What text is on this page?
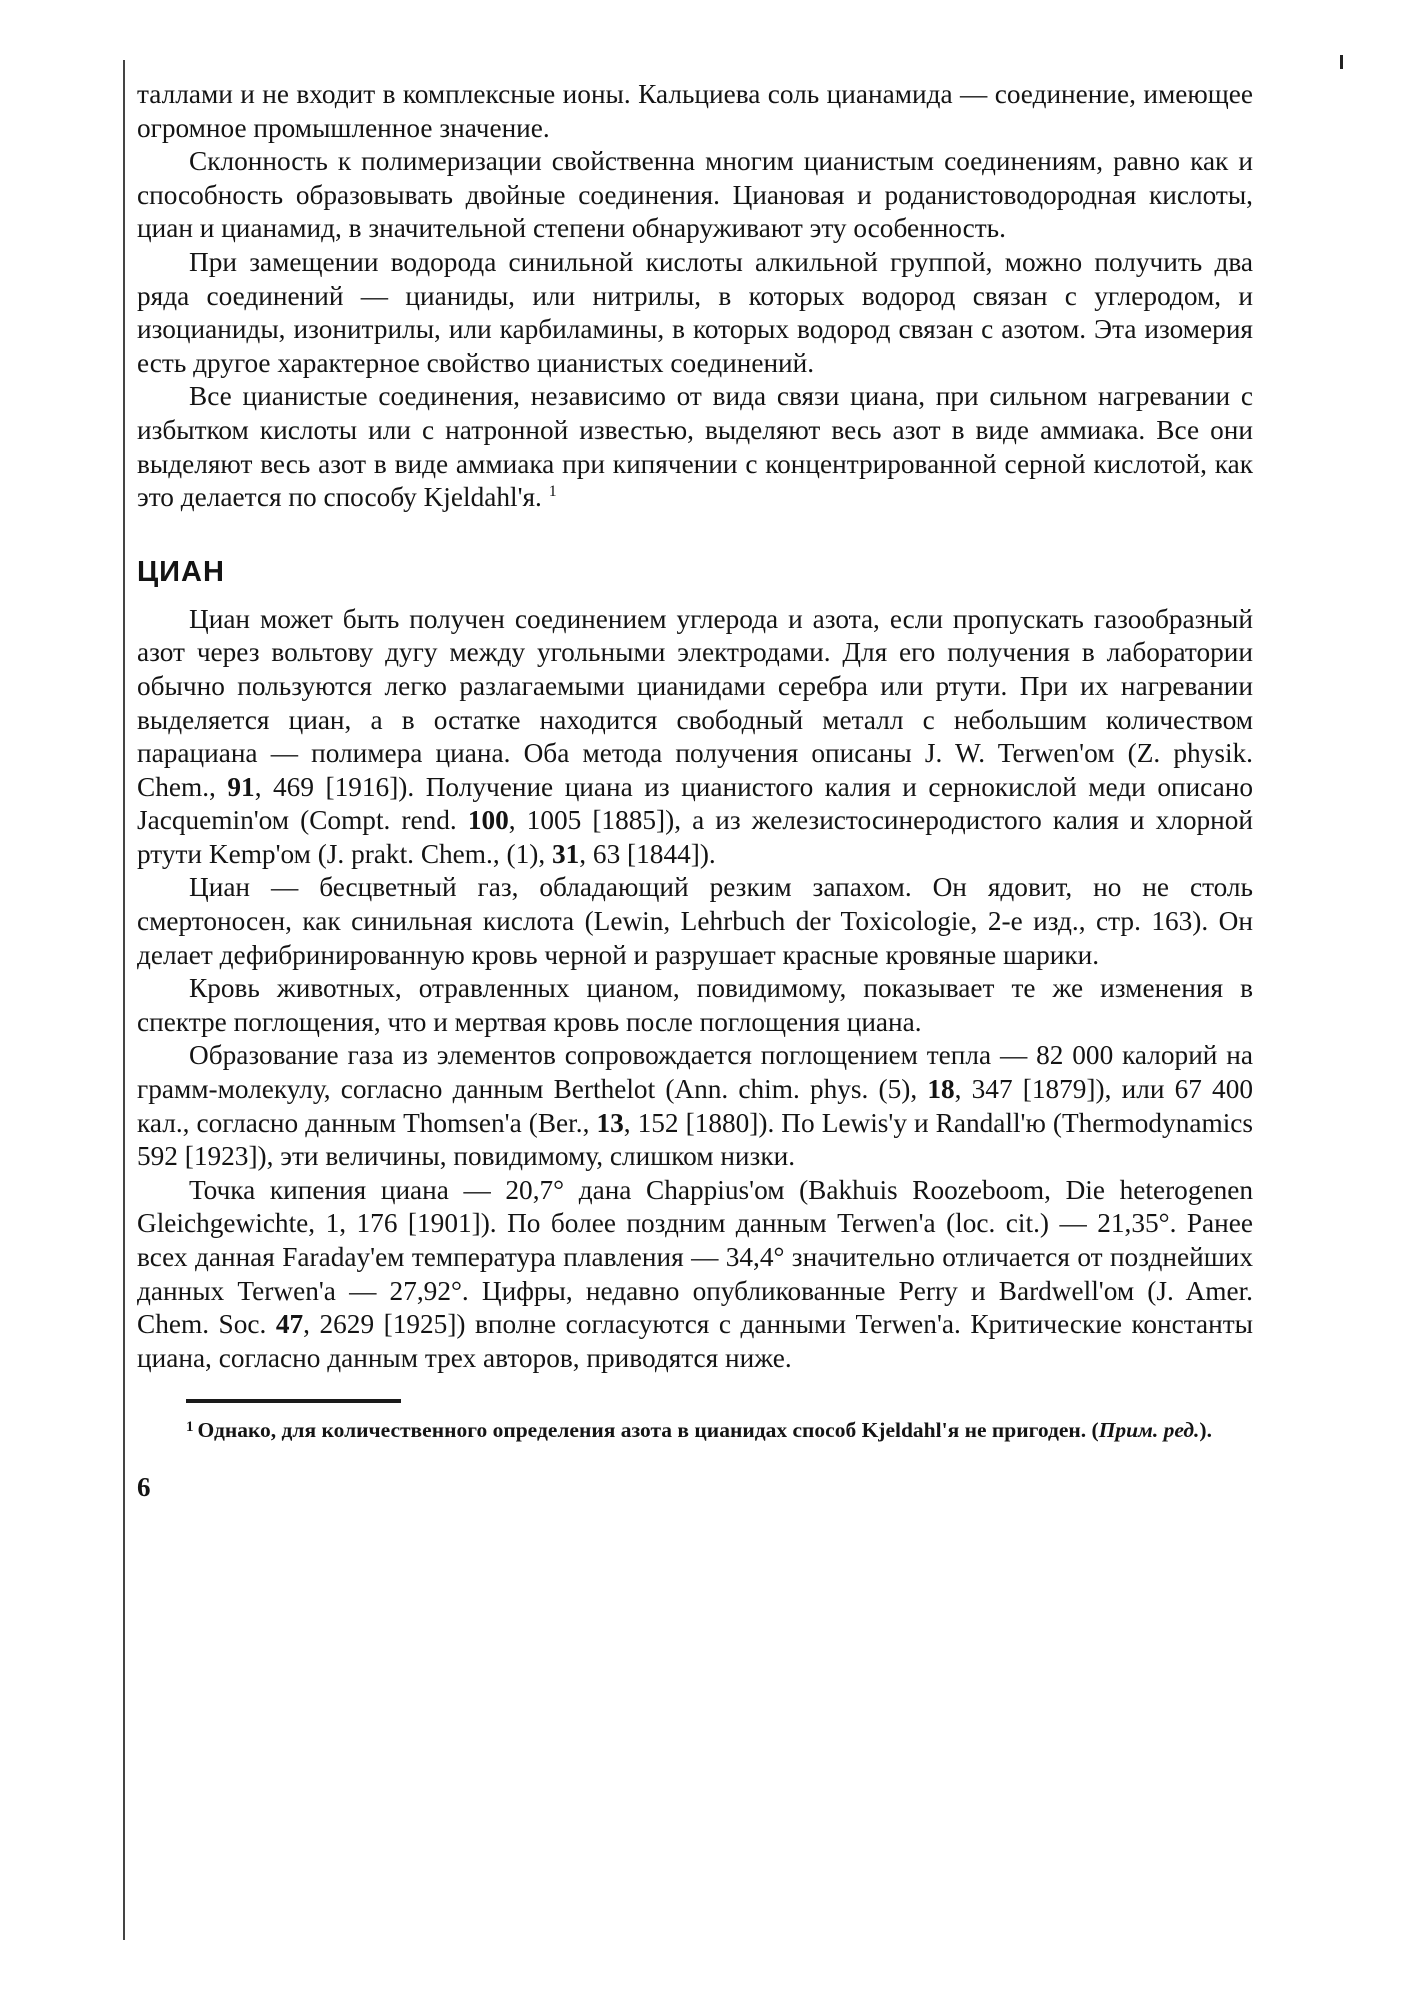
таллами и не входит в комплексные ионы. Кальциева соль цианамида — соединение, имеющее огромное промышленное значение.

Склонность к полимеризации свойственна многим цианистым соединениям, равно как и способность образовывать двойные соединения. Циановая и роданистоводородная кислоты, циан и цианамид, в значительной степени обнаруживают эту особенность.

При замещении водорода синильной кислоты алкильной группой, можно получить два ряда соединений — цианиды, или нитрилы, в которых водород связан с углеродом, и изоцианиды, изонитрилы, или карбиламины, в которых водород связан с азотом. Эта изомерия есть другое характерное свойство цианистых соединений.

Все цианистые соединения, независимо от вида связи циана, при сильном нагревании с избытком кислоты или с натронной известью, выделяют весь азот в виде аммиака. Все они выделяют весь азот в виде аммиака при кипячении с концентрированной серной кислотой, как это делается по способу Kjeldahl'я. $^1$

ЦИАН

Циан может быть получен соединением углерода и азота, если пропускать газообразный азот через вольтову дугу между угольными электродами. Для его получения в лаборатории обычно пользуются легко разлагаемыми цианидами серебра или ртути. При их нагревании выделяется циан, а в остатке находится свободный металл с небольшим количеством парациана — полимера циана. Оба метода получения описаны J. W. Terwen'ом (Z. physik. Chem., 91, 469 [1916]). Получение циана из цианистого калия и сернокислой меди описано Jacquemin'ом (Compt. rend. 100, 1005 [1885]), а из железистосинеродистого калия и хлорной ртути Kemp'ом (J. prakt. Chem., (1), 31, 63 [1844]).

Циан — бесцветный газ, обладающий резким запахом. Он ядовит, но не столь смертоносен, как синильная кислота (Lewin, Lehrbuch der Toxicologie, 2-е изд., стр. 163). Он делает дефибринированную кровь черной и разрушает красные кровяные шарики.

Кровь животных, отравленных цианом, повидимому, показывает те же изменения в спектре поглощения, что и мертвая кровь после поглощения циана.

Образование газа из элементов сопровождается поглощением тепла — 82 000 калорий на грамм-молекулу, согласно данным Berthelot (Ann. chim. phys. (5), 18, 347 [1879]), или 67 400 кал., согласно данным Thomsen'а (Ber., 13, 152 [1880]). По Lewis'у и Randall'ю (Thermodynamics 592 [1923]), эти величины, повидимому, слишком низки.

Точка кипения циана — 20,7° дана Chappius'ом (Bakhuis Roozeboom, Die heterogenen Gleichgewichte, 1, 176 [1901]). По более поздним данным Terwen'а (loc. cit.) — 21,35°. Ранее всех данная Faraday'ем температура плавления — 34,4° значительно отличается от позднейших данных Terwen'а — 27,92°. Цифры, недавно опубликованные Perry и Bardwell'ом (J. Amer. Chem. Soc. 47, 2629 [1925]) вполне согласуются с данными Terwen'а. Критические константы циана, согласно данным трех авторов, приводятся ниже.

$^1$ Однако, для количественного определения азота в цианидах способ Kjeldahl'я не пригоден. (Прим. ред.).

6
